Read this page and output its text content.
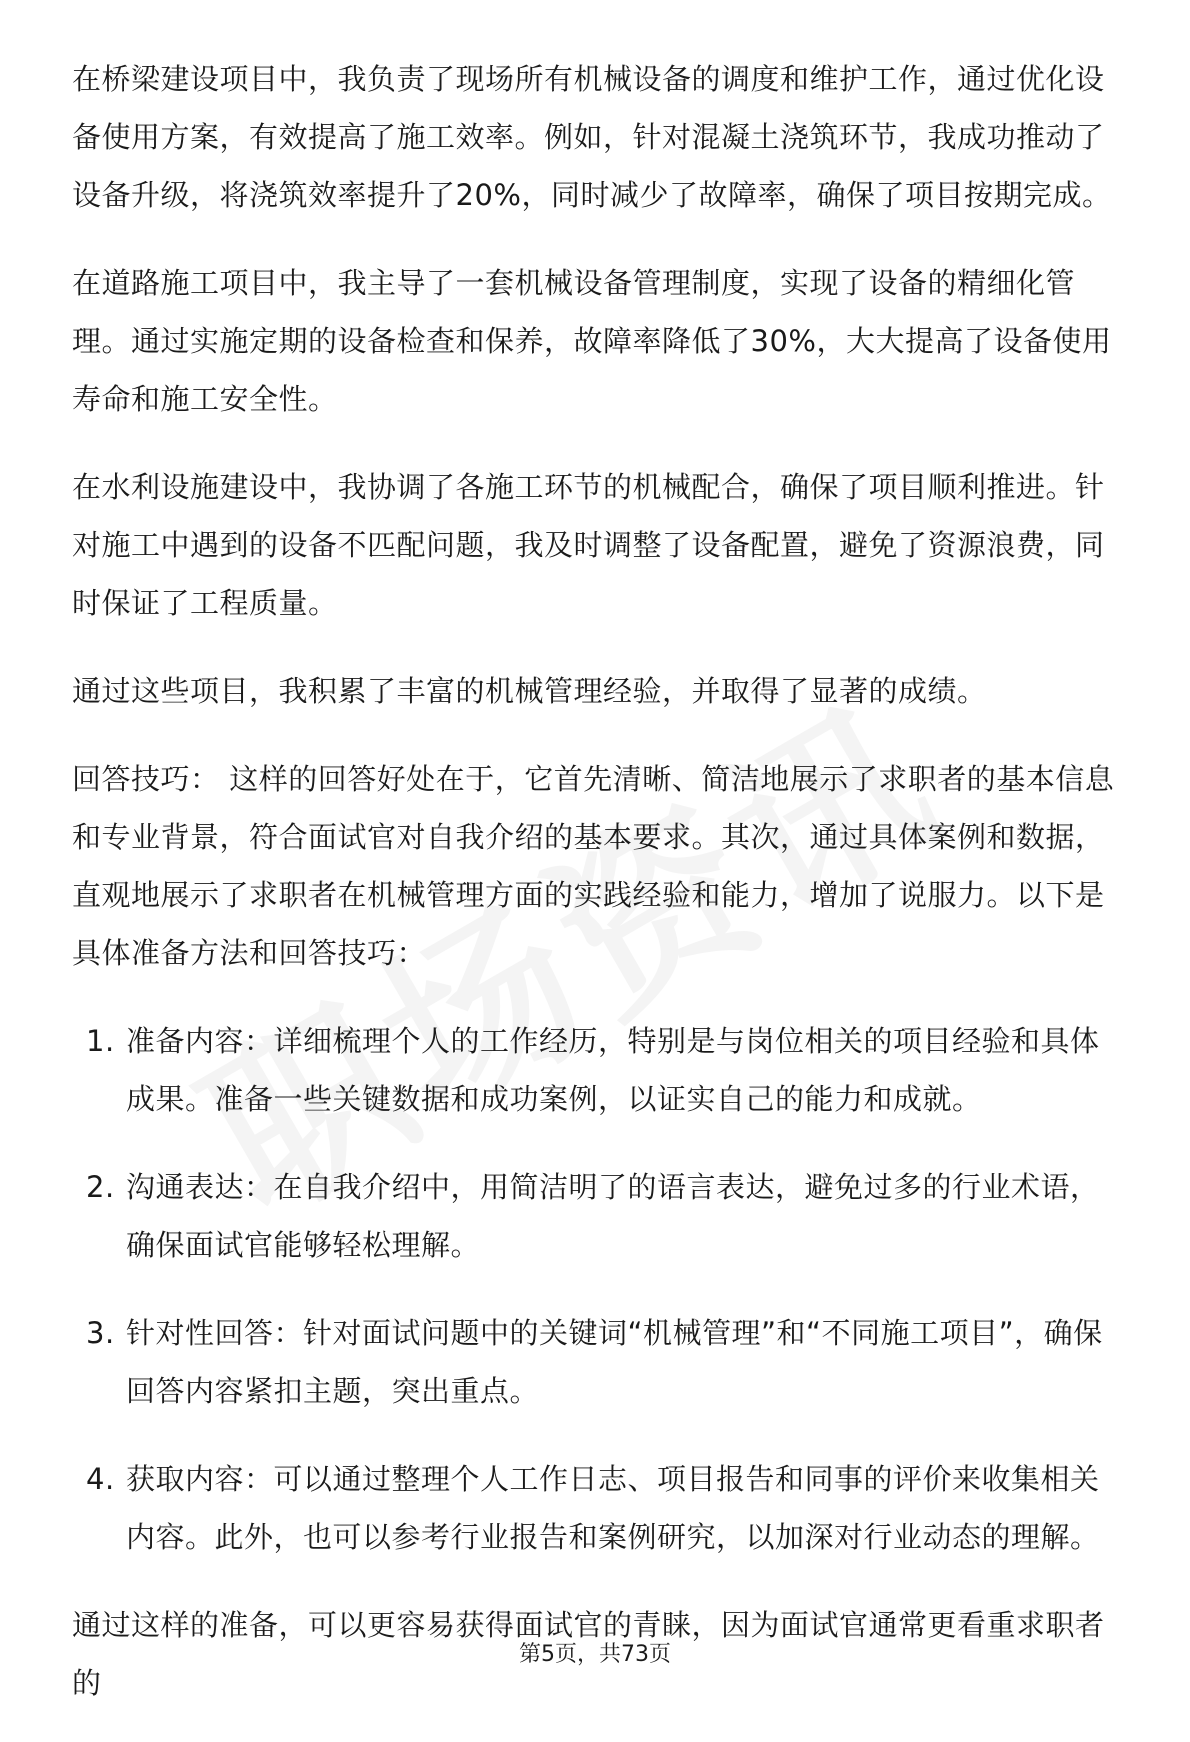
在桥梁建设项目中，我负责了现场所有机械设备的调度和维护工作，通过优化设备使用方案，有效提高了施工效率。例如，针对混凝土浇筑环节，我成功推动了设备升级，将浇筑效率提升了20%，同时减少了故障率，确保了项目按期完成。

在道路施工项目中，我主导了一套机械设备管理制度，实现了设备的精细化管理。通过实施定期的设备检查和保养，故障率降低了30%，大大提高了设备使用寿命和施工安全性。

在水利设施建设中，我协调了各施工环节的机械配合，确保了项目顺利推进。针对施工中遇到的设备不匹配问题，我及时调整了设备配置，避免了资源浪费，同时保证了工程质量。

通过这些项目，我积累了丰富的机械管理经验，并取得了显著的成绩。

回答技巧： 这样的回答好处在于，它首先清晰、简洁地展示了求职者的基本信息和专业背景，符合面试官对自我介绍的基本要求。其次，通过具体案例和数据，直观地展示了求职者在机械管理方面的实践经验和能力，增加了说服力。以下是具体准备方法和回答技巧：

1. 准备内容：详细梳理个人的工作经历，特别是与岗位相关的项目经验和具体成果。准备一些关键数据和成功案例，以证实自己的能力和成就。
2. 沟通表达：在自我介绍中，用简洁明了的语言表达，避免过多的行业术语，确保面试官能够轻松理解。
3. 针对性回答：针对面试问题中的关键词“机械管理”和“不同施工项目”，确保回答内容紧扣主题，突出重点。
4. 获取内容：可以通过整理个人工作日志、项目报告和同事的评价来收集相关内容。此外，也可以参考行业报告和案例研究，以加深对行业动态的理解。

通过这样的准备，可以更容易获得面试官的青睐，因为面试官通常更看重求职者的

第5页，共73页
